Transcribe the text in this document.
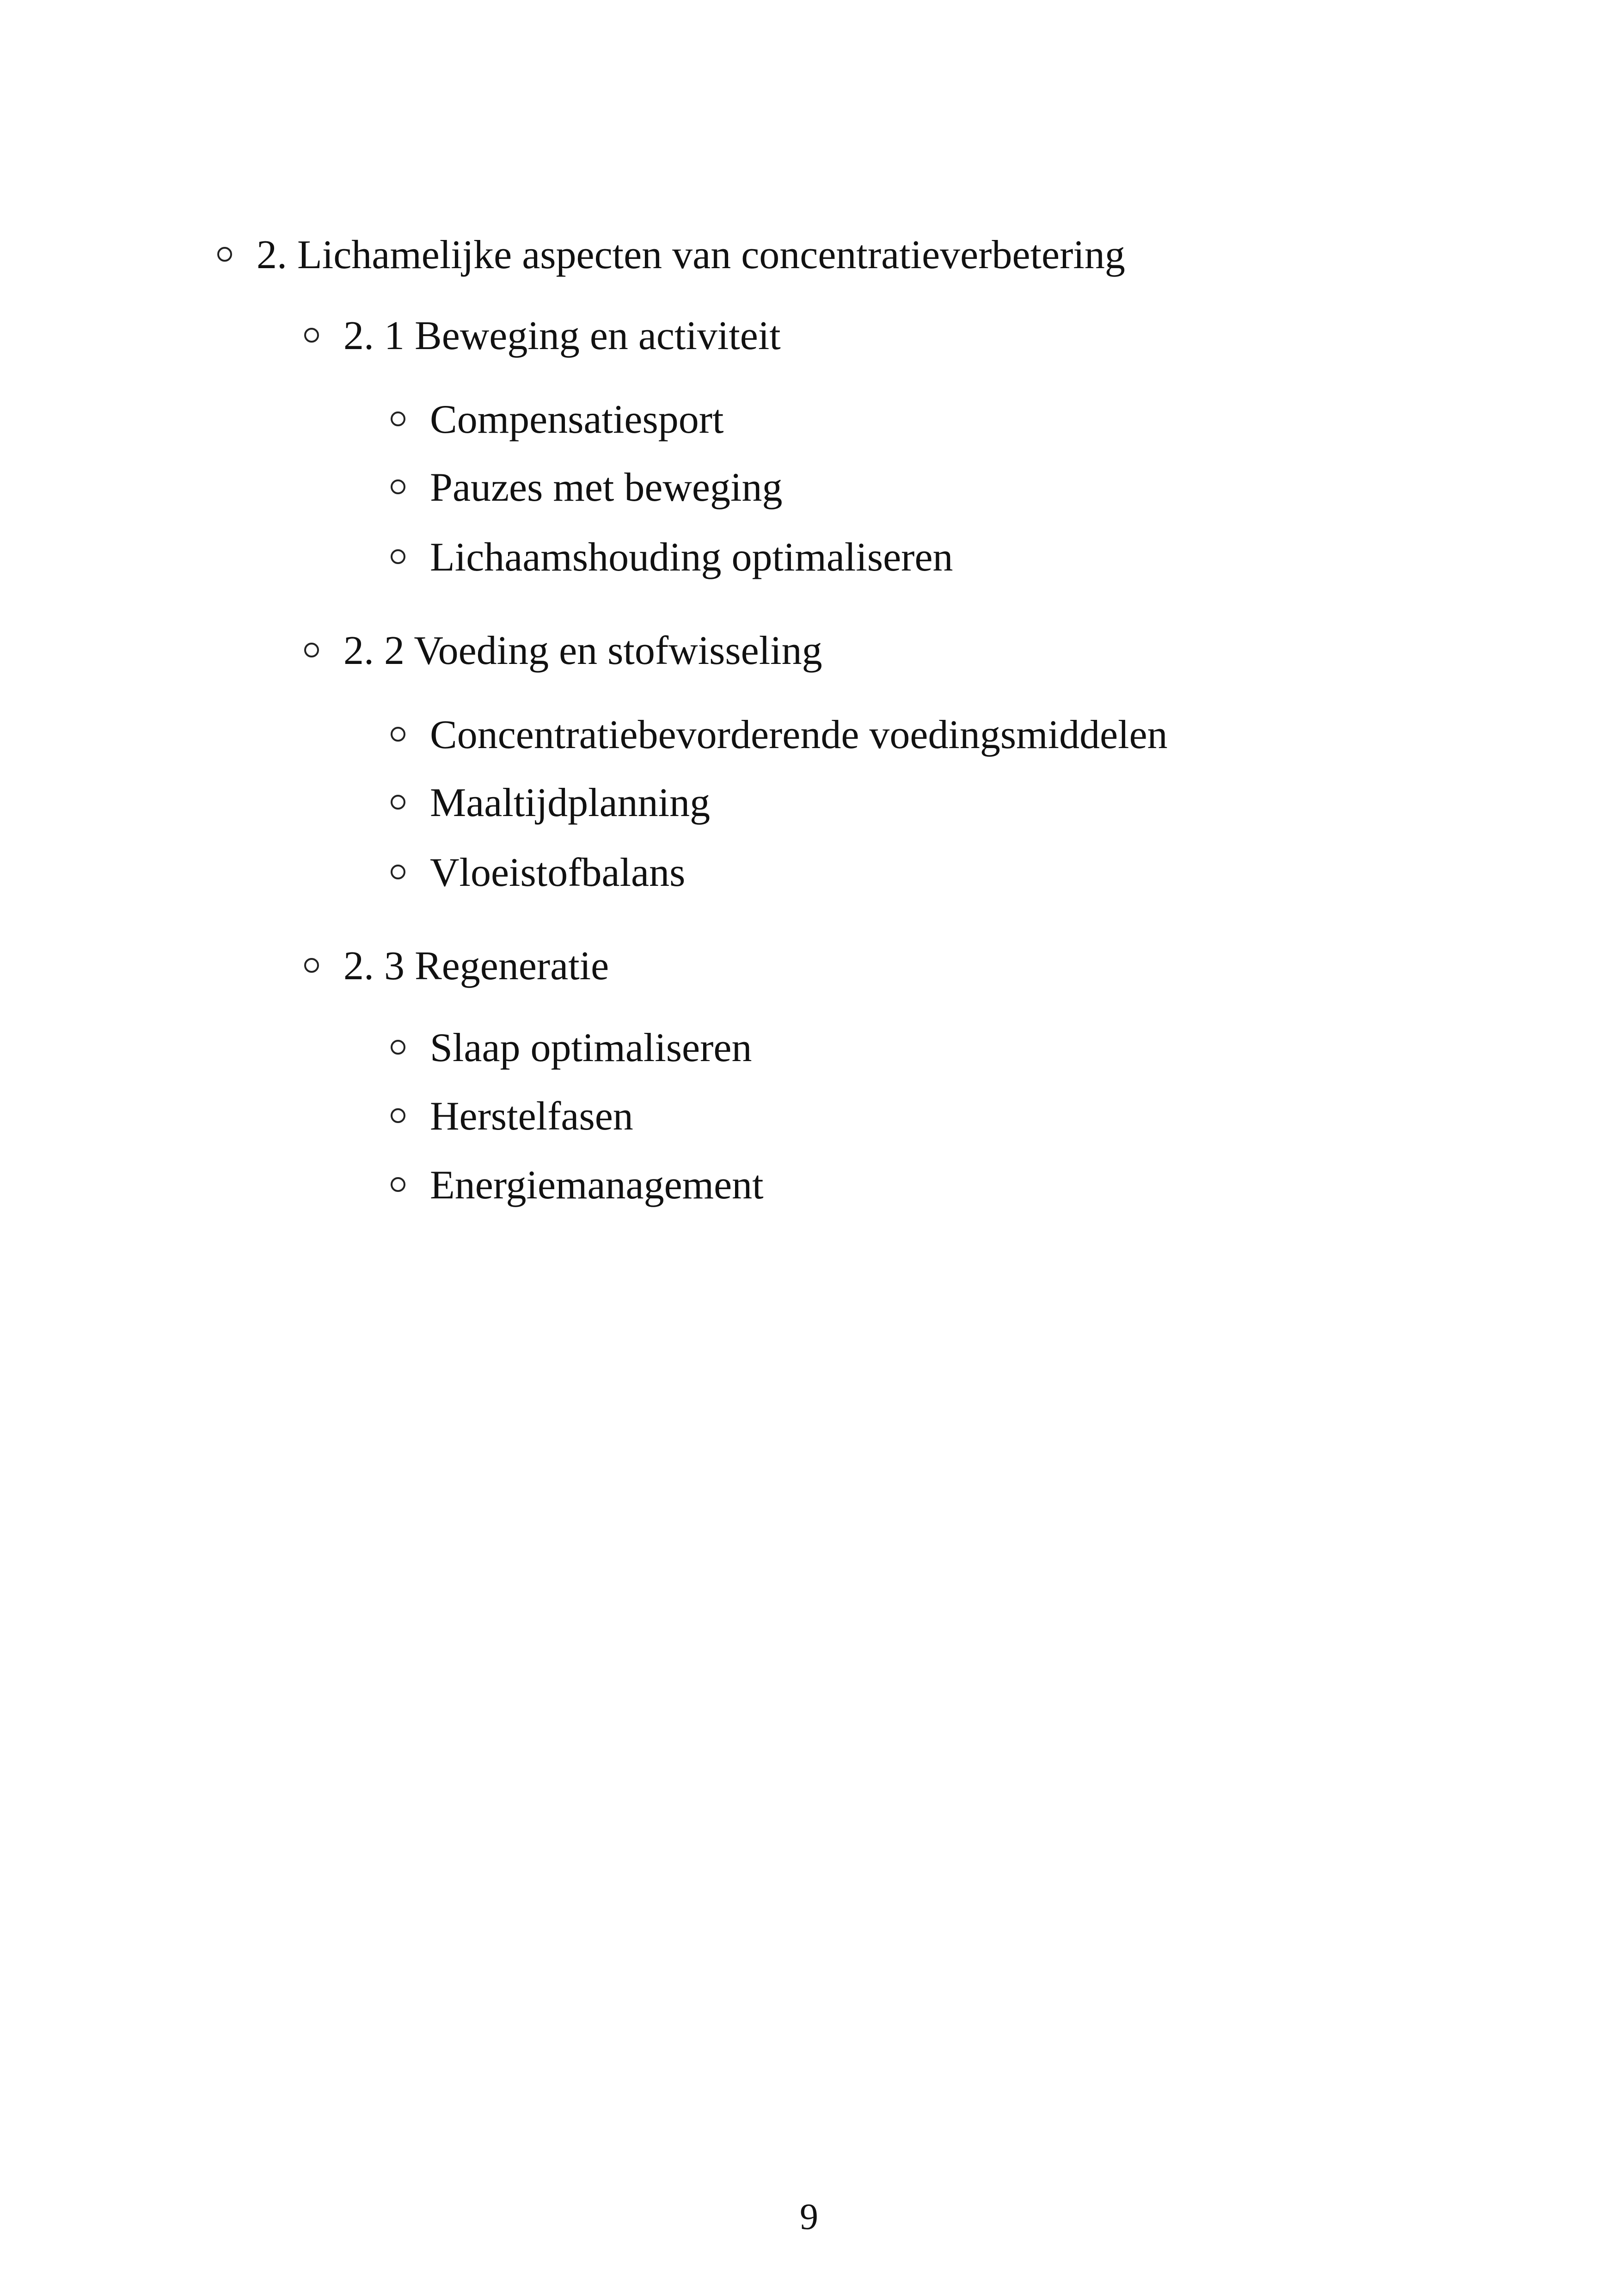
2. Lichamelijke aspecten van concentratieverbetering
2. 1 Beweging en activiteit
Compensatiesport
Pauzes met beweging
Lichaamshouding optimaliseren
2. 2 Voeding en stofwisseling
Concentratiebevorderende voedingsmiddelen
Maaltijdplanning
Vloeistofbalans
2. 3 Regeneratie
Slaap optimaliseren
Herstelfasen
Energiemanagement
9
